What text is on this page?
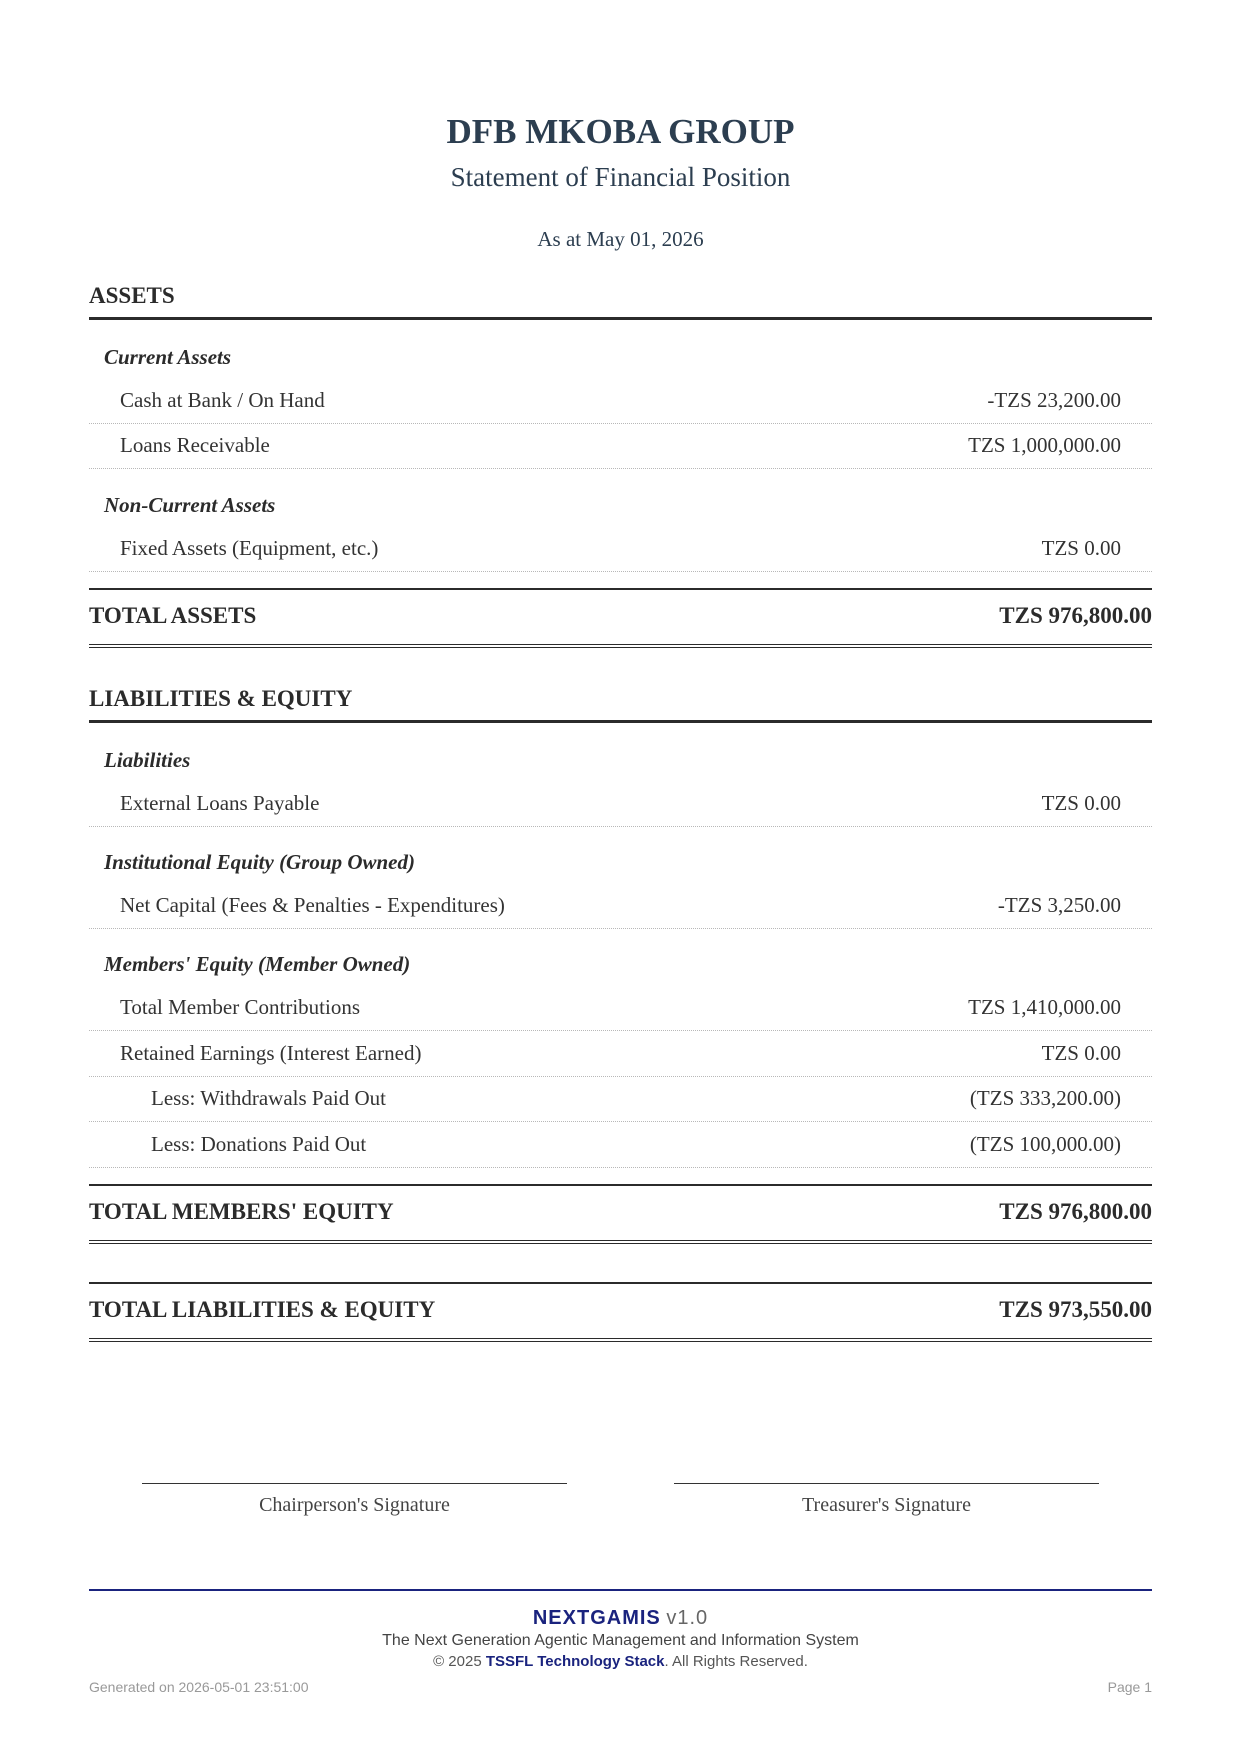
DFB MKOBA GROUP
Statement of Financial Position
As at May 01, 2026
ASSETS
Current Assets
Cash at Bank / On Hand	-TZS 23,200.00
Loans Receivable	TZS 1,000,000.00
Non-Current Assets
Fixed Assets (Equipment, etc.)	TZS 0.00
TOTAL ASSETS	TZS 976,800.00
LIABILITIES & EQUITY
Liabilities
External Loans Payable	TZS 0.00
Institutional Equity (Group Owned)
Net Capital (Fees & Penalties - Expenditures)	-TZS 3,250.00
Members' Equity (Member Owned)
Total Member Contributions	TZS 1,410,000.00
Retained Earnings (Interest Earned)	TZS 0.00
Less: Withdrawals Paid Out	(TZS 333,200.00)
Less: Donations Paid Out	(TZS 100,000.00)
TOTAL MEMBERS' EQUITY	TZS 976,800.00
TOTAL LIABILITIES & EQUITY	TZS 973,550.00
Chairperson's Signature	Treasurer's Signature
NEXTGAMIS v1.0
The Next Generation Agentic Management and Information System
© 2025 TSSFL Technology Stack. All Rights Reserved.
Generated on 2026-05-01 23:51:00	Page 1
